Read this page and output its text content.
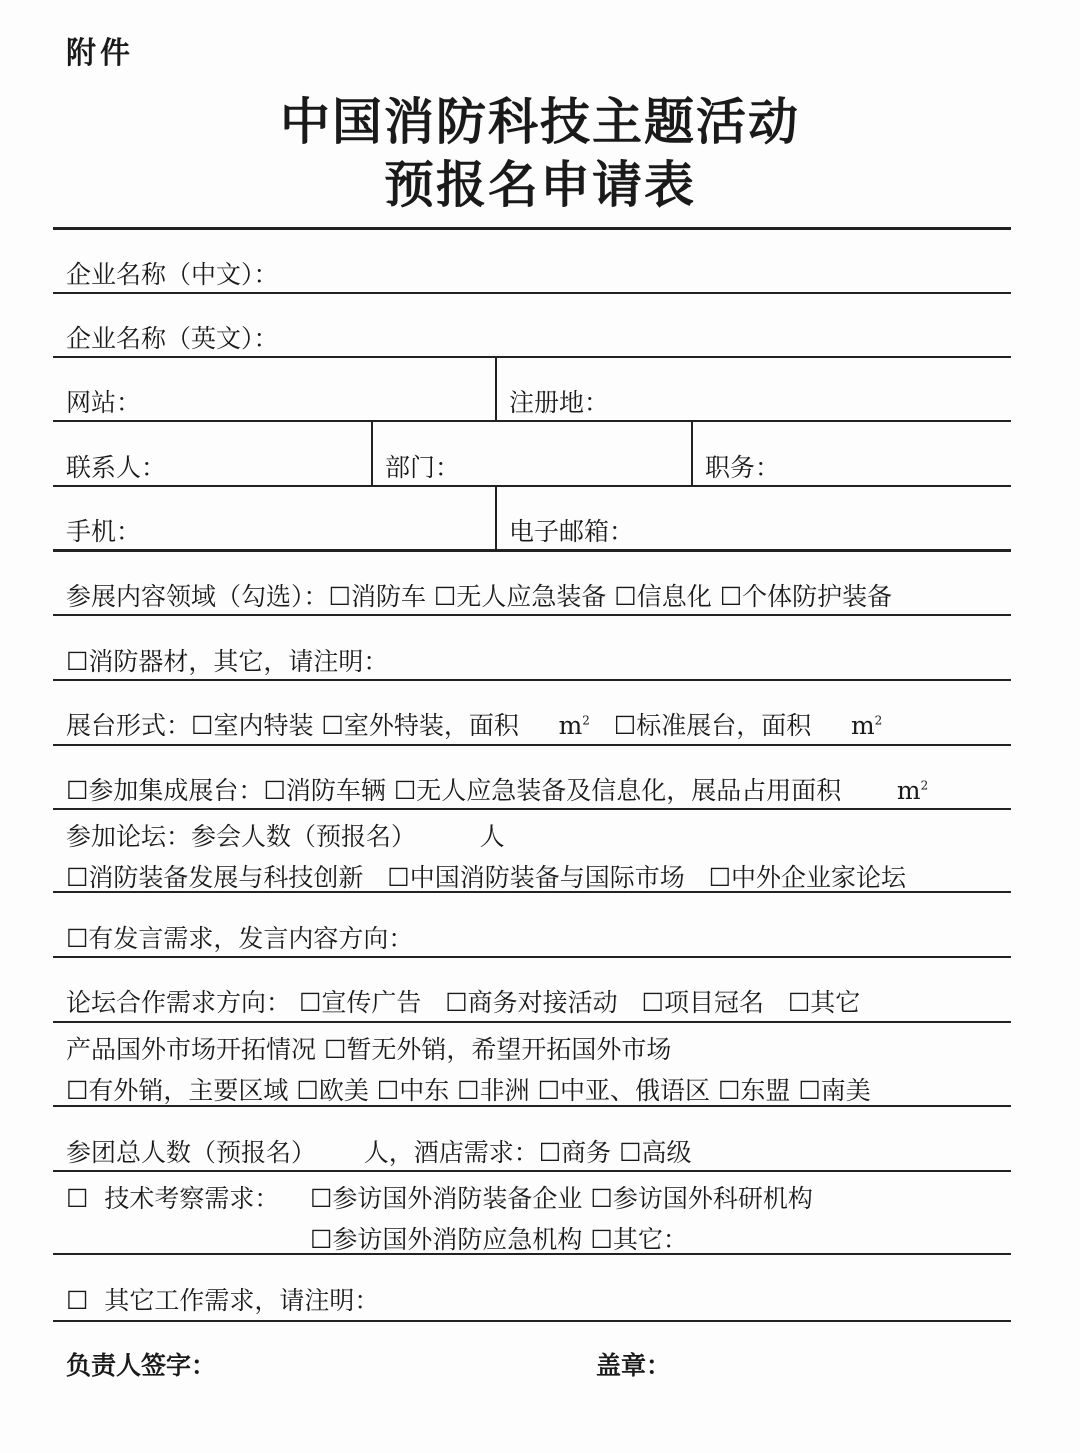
附件
中国消防科技主题活动
预报名申请表
企业名称（中文）：
企业名称（英文）：
网站：	注册地：
联系人：	部门：	职务：
手机：	电子邮箱：
参展内容领域（勾选）： ☐ 消防车 ☐ 无人应急装备 ☐ 信息化 ☐ 个体防护装备
☐ 消防器材，其它，请注明：
展台形式： ☐ 室内特装 ☐ 室外特装，面积 $m^2$ ☐ 标准展台，面积 $m^2$
☐ 参加集成展台： ☐ 消防车辆 ☐ 无人应急装备及信息化，展品占用面积 $m^2$
参加论坛：参会人数（预报名）	人
☐ 消防装备发展与科技创新 ☐ 中国消防装备与国际市场 ☐ 中外企业家论坛
☐ 有发言需求，发言内容方向：
论坛合作需求方向： ☐ 宣传广告 ☐ 商务对接活动 ☐ 项目冠名 ☐ 其它
产品国外市场开拓情况 ☐ 暂无外销，希望开拓国外市场
☐ 有外销，主要区域 ☐ 欧美 ☐ 中东 ☐ 非洲 ☐ 中亚、俄语区 ☐ 东盟 ☐ 南美
参团总人数（预报名） 人，酒店需求： ☐ 商务 ☐ 高级
☐  技术考察需求：	☐ 参访国外消防装备企业 ☐ 参访国外科研机构
☐ 参访国外消防应急机构 ☐ 其它：
☐  其它工作需求，请注明：
负责人签字：	盖章：
